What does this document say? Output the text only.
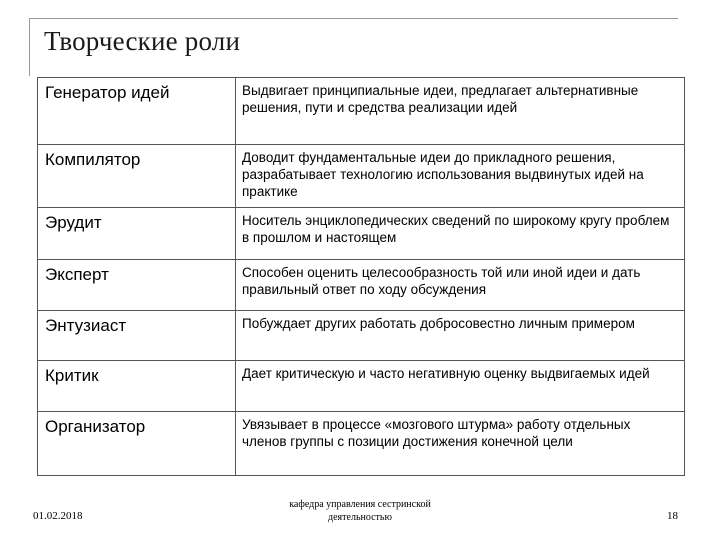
Творческие роли
Генератор идей	Выдвигает принципиальные идеи, предлагает альтернативные решения, пути и средства реализации идей
Компилятор	Доводит фундаментальные идеи до прикладного решения, разрабатывает технологию использования выдвинутых идей на практике
Эрудит	Носитель энциклопедических сведений по широкому кругу проблем в прошлом и настоящем
Эксперт	Способен оценить целесообразность той или иной идеи и дать правильный ответ по ходу обсуждения
Энтузиаст	Побуждает других работать добросовестно личным примером
Критик	Дает критическую и часто негативную оценку выдвигаемых идей
Организатор	Увязывает в процессе «мозгового штурма» работу отдельных членов группы с позиции достижения конечной цели
01.02.2018
кафедра управления сестринской
деятельностью	18
